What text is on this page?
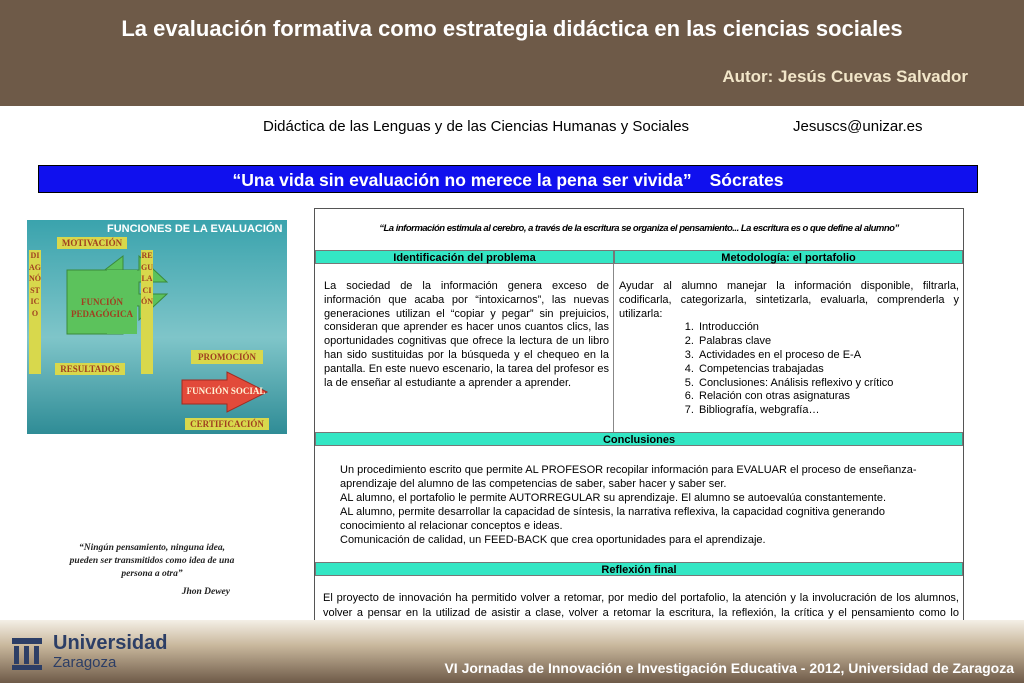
La evaluación formativa como estrategia didáctica en las ciencias sociales
Autor: Jesús Cuevas Salvador
Didáctica de las Lenguas y de las Ciencias Humanas y Sociales	Jesuscs@unizar.es
“Una vida sin evaluación no merece la pena ser vivida” Sócrates
FUNCIONES DE LA EVALUACIÓN
MOTIVACIÓN
FUNCIÓN
PEDAGÓGICA
RESULTADOS
DIAGNÓSTICO
REGULACIÓN
PROMOCIÓN
FUNCIÓN SOCIAL
CERTIFICACIÓN
“Ningún pensamiento, ninguna idea, pueden ser transmitidos como idea de una persona a otra”
Jhon Dewey
“La información estimula al cerebro, a través de la escritura se organiza el pensamiento... La escritura es o que define al alumno”
Identificación del problema	Metodología: el portafolio
La sociedad de la información genera exceso de información que acaba por “intoxicarnos”, las nuevas generaciones utilizan el “copiar y pegar” sin prejuicios, consideran que aprender es hacer unos cuantos clics, las oportunidades cognitivas que ofrece la lectura de un libro han sido sustituidas por la búsqueda y el chequeo en la pantalla. En este nuevo escenario, la tarea del profesor es la de enseñar al estudiante a aprender a aprender.
Ayudar al alumno manejar la información disponible, filtrarla, codificarla, categorizarla, sintetizarla, evaluarla, comprenderla y utilizarla:
1. Introducción
2. Palabras clave
3. Actividades en el proceso de E-A
4. Competencias trabajadas
5. Conclusiones: Análisis reflexivo y crítico
6. Relación con otras asignaturas
7. Bibliografía, webgrafía…
Conclusiones

Un procedimiento escrito que permite AL PROFESOR recopilar información para EVALUAR el proceso de enseñanza-aprendizaje del alumno de las competencias de saber, saber hacer y saber ser.

AL alumno, el portafolio le permite AUTORREGULAR su aprendizaje. El alumno se autoevalúa constantemente.

AL alumno, permite desarrollar la capacidad de síntesis, la narrativa reflexiva, la capacidad cognitiva generando conocimiento al relacionar conceptos e ideas.

Comunicación de calidad, un FEED-BACK que crea oportunidades para el aprendizaje.

Reflexión final
El proyecto de innovación ha permitido volver a retomar, por medio del portafolio, la atención y la involucración de los alumnos, volver a pensar en la utilizad de asistir a clase, volver a retomar la escritura, la reflexión, la crítica y el pensamiento como lo
Universidad
Zaragoza	VI Jornadas de Innovación e Investigación Educativa - 2012, Universidad de Zaragoza
